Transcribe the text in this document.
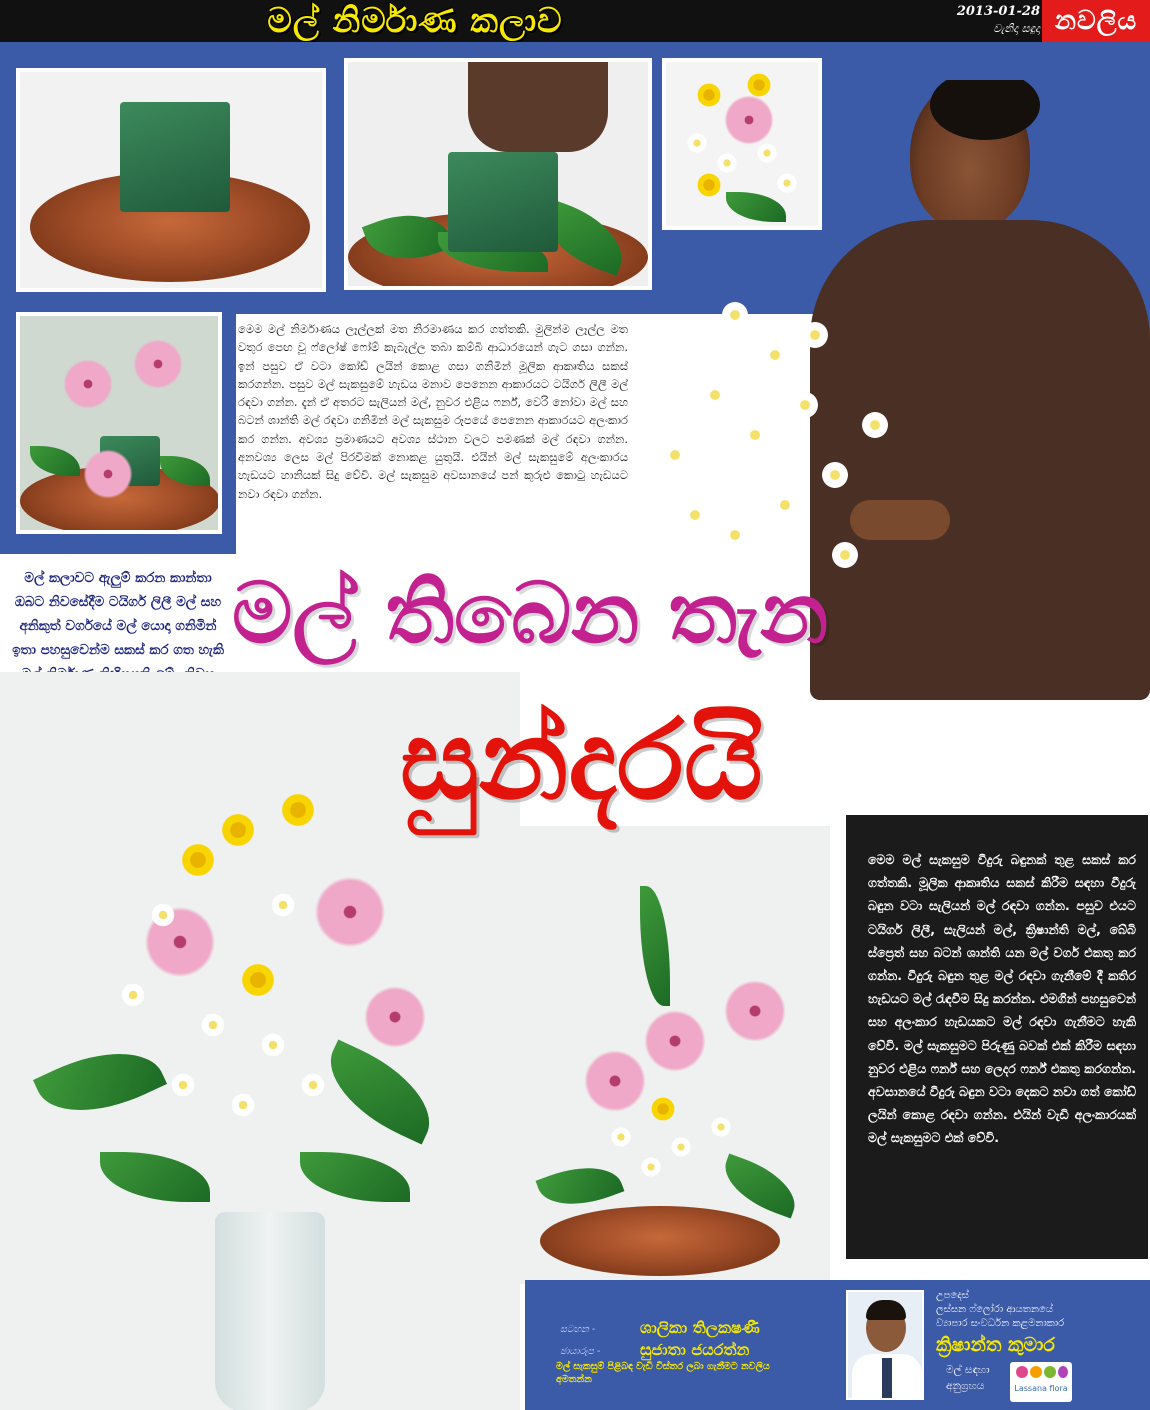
මල් නිර්මාණ කලාව	2013-01-28
වැනිදා සඳුදා නවලිය
මල් කලාවට ඇලුම් කරන කාන්තා ඔබට නිවසේදීම ටයිගර් ලිලී මල් සහ අනිකුත් වර්ගයේ මල් යොදා ගනිමින් ඉතා පහසුවෙන්ම සකස් කර ගත හැකි
මෙම මල් නිර්මාණය ලෑල්ලක් මත නිරමාණය කර ගත්තකි. මුලින්ම ලෑල්ල මත වතුර පෙඟ වූ ෆ්ලෝෂ් ෆෝම් කැබැල්ල තබා කම්බි ආධාරයෙන් ගැට ගසා ගන්න. ඉන් පසුව ඒ වටා කෝඩ් ලයින් කොළ ගසා ගනිමින් මූලික ආකෘතිය සකස් කරගන්න. පසුව මල් සැකසුමේ හැඩය මනාව පෙනෙන ආකාරයට ටයිගර් ලිලී මල් රඳවා ගන්න. දැන් ඒ අතරට සැලියන් මල්, නුවර එළිය ෆර්න්, වෙරි නෝවා මල් සහ බටන් ශාන්ති මල් රඳවා ගනිමින් මල් සැකසුම රූපයේ පෙනෙන ආකාරයට අලංකාර කර ගන්න. අවශ්‍ය ප්‍රමාණයට අවශ්‍ය ස්ථාන වලට පමණක් මල් රඳවා ගන්න. අනවශ්‍ය ලෙස මල් පිරවීමක් නොකළ යුතුයි. එයින් මල් සැකසුමේ අලංකාරය හැඩයට හානියක් සිදු වේවි. මල් සැකසුම අවසානයේ පන් කුරුළු කොටු හැඩයට නවා රඳවා ගන්න.
මල් තිබෙන තැන
සුන්දරයි
මෙම මල් සැකසුම වීදුරු බඳුනක් තුළ සකස් කර ගත්තකි. මූලික ආකෘතිය සකස් කිරීම සඳහා වීදුරු බඳුන වටා සැලියන් මල් රඳවා ගන්න. පසුව එයට ටයිගර් ලිලී, සැලියන් මල්, ක්‍රිෂාන්ති මල්, බේබි ස්ප්‍රෙත් සහ බටන් ශාන්ති යන මල් වර්ග එකතු කර ගන්න. වීදුරු බඳුන තුළ මල් රඳවා ගැනීමේ දී කතිර හැඩයට මල් රැඳවීම සිදු කරන්න. එමගින් පහසුවෙන් සහ අලංකාර හැඩයකට මල් රඳවා ගැනීමට හැකි වේවි. මල් සැකසුමට පිරුණු බවක් එක් කිරීම සඳහා නුවර එළිය ෆර්න් සහ ලෙදර ෆර්න් එකතු කරගන්න. අවසානයේ වීදුරු බඳුන වටා දෙකට නවා ගත් කෝඩ් ලයින් කොළ රඳවා ගන්න. එයින් වැඩි අලංකාරයක් මල් සැකසුමට එක් වේවි.
සටහන -	ශාලිකා තිලකෂණී
ඡායාරූප - සුජාතා ජයරත්න
මල් සැකසුම් පිළිබඳ වැඩි විස්තර ලබා ගැනීමට නවලිය අමතන්න
උපදෙස්
ලස්සන ෆ්ලෝරා ආයතනයේ
ව්‍යාපාර සංවර්ධන කළමනාකාර
ක්‍රිෂාන්ත කුමාර
මල් සඳහා
අනුග්‍රහය	Lassana flora
